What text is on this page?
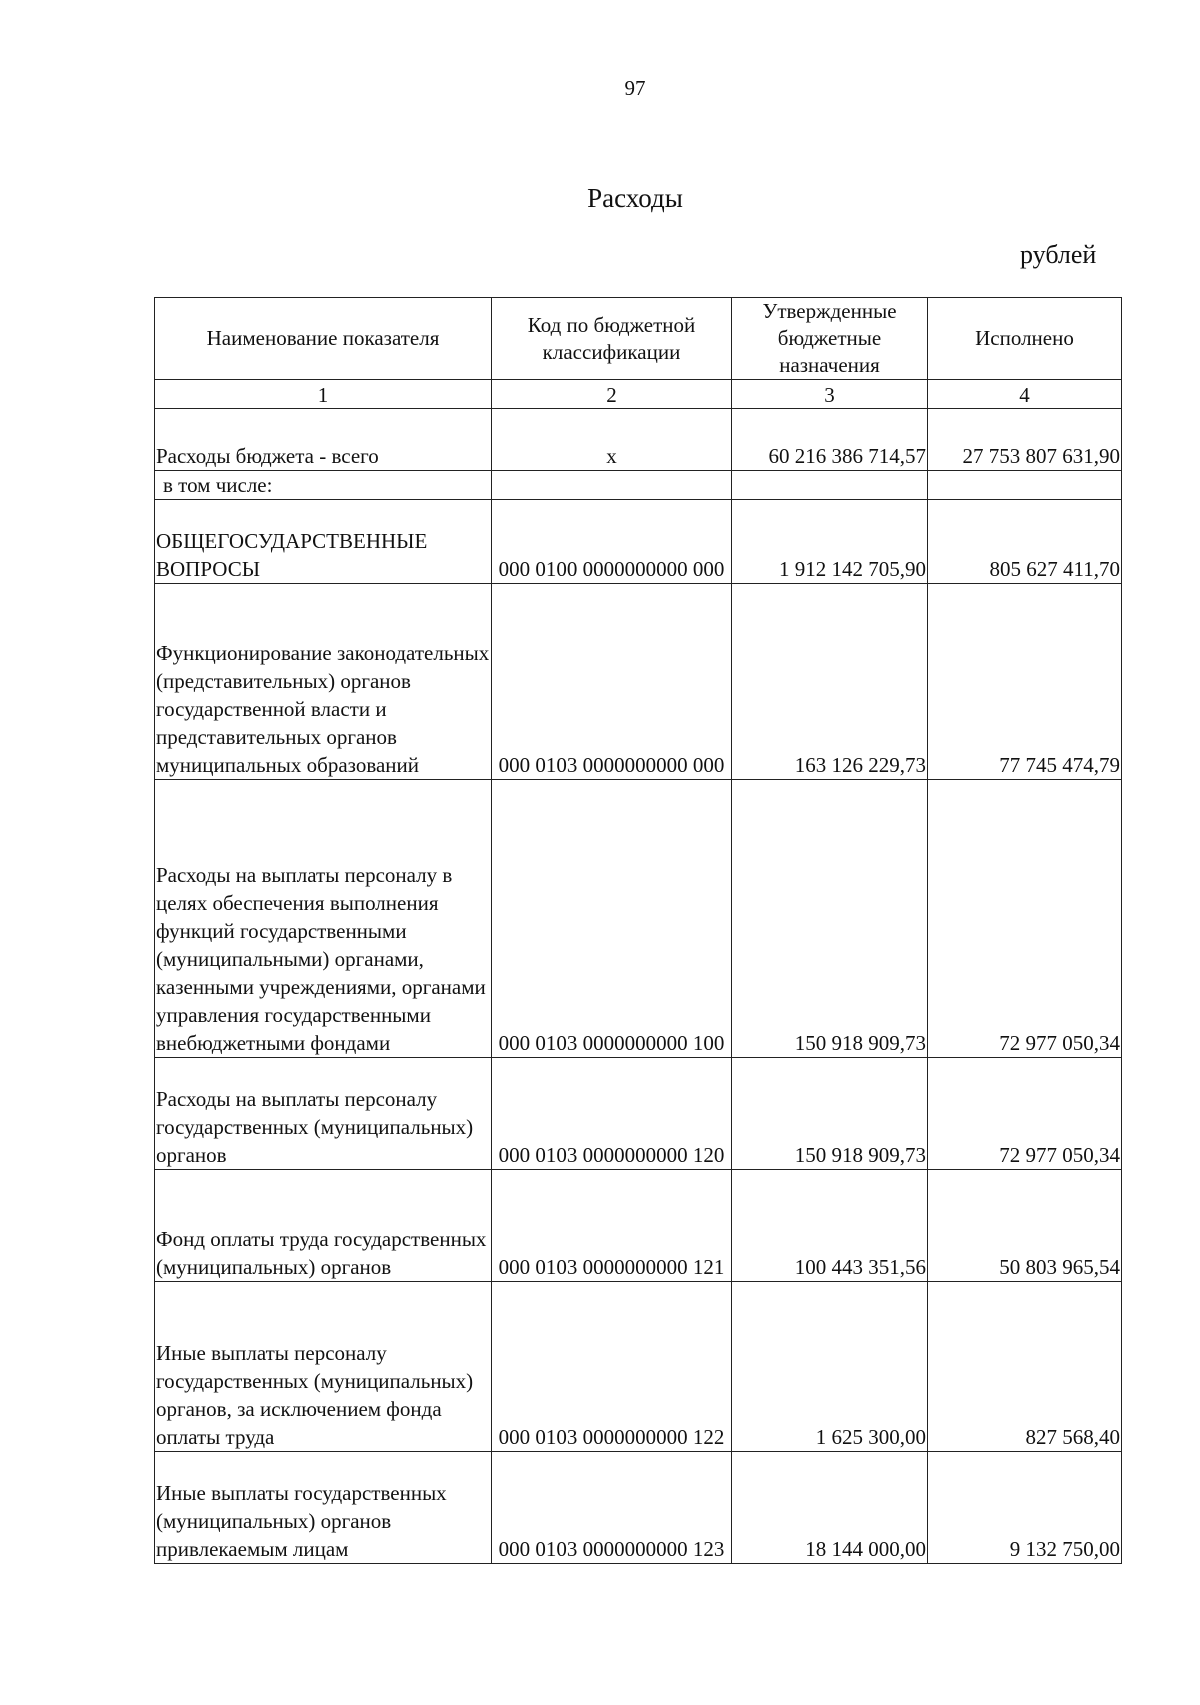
97
Расходы
рублей
Наименование показателя	Код по бюджетной классификации	Утвержденные бюджетные назначения	Исполнено
1	2	3	4
Расходы бюджета - всего	x	60 216 386 714,57	27 753 807 631,90
в том числе:			
ОБЩЕГОСУДАРСТВЕННЫЕ ВОПРОСЫ	000 0100 0000000000 000	1 912 142 705,90	805 627 411,70
Функционирование законодательных (представительных) органов государственной власти и представительных органов муниципальных образований	000 0103 0000000000 000	163 126 229,73	77 745 474,79
Расходы на выплаты персоналу в целях обеспечения выполнения функций государственными (муниципальными) органами, казенными учреждениями, органами управления государственными внебюджетными фондами	000 0103 0000000000 100	150 918 909,73	72 977 050,34
Расходы на выплаты персоналу государственных (муниципальных) органов	000 0103 0000000000 120	150 918 909,73	72 977 050,34
Фонд оплаты труда государственных (муниципальных) органов	000 0103 0000000000 121	100 443 351,56	50 803 965,54
Иные выплаты персоналу государственных (муниципальных) органов, за исключением фонда оплаты труда	000 0103 0000000000 122	1 625 300,00	827 568,40
Иные выплаты государственных (муниципальных) органов привлекаемым лицам	000 0103 0000000000 123	18 144 000,00	9 132 750,00
